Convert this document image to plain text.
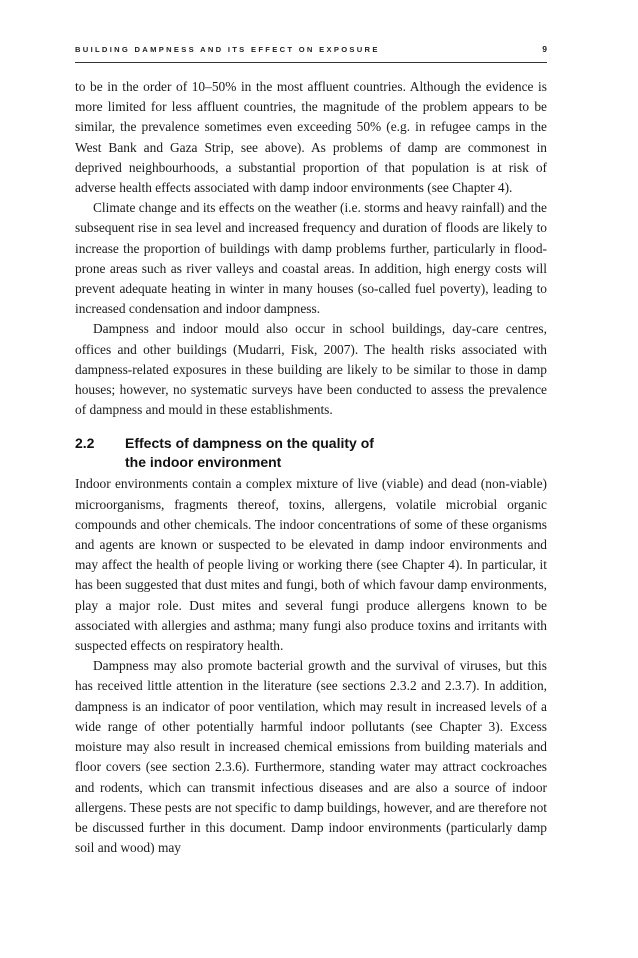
BUILDING DAMPNESS AND ITS EFFECT ON EXPOSURE	9

to be in the order of 10–50% in the most affluent countries. Although the evidence is more limited for less affluent countries, the magnitude of the problem appears to be similar, the prevalence sometimes even exceeding 50% (e.g. in refugee camps in the West Bank and Gaza Strip, see above). As problems of damp are commonest in deprived neighbourhoods, a substantial proportion of that population is at risk of adverse health effects associated with damp indoor environments (see Chapter 4).

Climate change and its effects on the weather (i.e. storms and heavy rainfall) and the subsequent rise in sea level and increased frequency and duration of floods are likely to increase the proportion of buildings with damp problems further, particularly in flood-prone areas such as river valleys and coastal areas. In addition, high energy costs will prevent adequate heating in winter in many houses (so-called fuel poverty), leading to increased condensation and indoor dampness.

Dampness and indoor mould also occur in school buildings, day-care centres, offices and other buildings (Mudarri, Fisk, 2007). The health risks associated with dampness-related exposures in these building are likely to be similar to those in damp houses; however, no systematic surveys have been conducted to assess the prevalence of dampness and mould in these establishments.

2.2	Effects of dampness on the quality of the indoor environment

Indoor environments contain a complex mixture of live (viable) and dead (non-viable) microorganisms, fragments thereof, toxins, allergens, volatile microbial organic compounds and other chemicals. The indoor concentrations of some of these organisms and agents are known or suspected to be elevated in damp indoor environments and may affect the health of people living or working there (see Chapter 4). In particular, it has been suggested that dust mites and fungi, both of which favour damp environments, play a major role. Dust mites and several fungi produce allergens known to be associated with allergies and asthma; many fungi also produce toxins and irritants with suspected effects on respiratory health.

Dampness may also promote bacterial growth and the survival of viruses, but this has received little attention in the literature (see sections 2.3.2 and 2.3.7). In addition, dampness is an indicator of poor ventilation, which may result in increased levels of a wide range of other potentially harmful indoor pollutants (see Chapter 3). Excess moisture may also result in increased chemical emissions from building materials and floor covers (see section 2.3.6). Furthermore, standing water may attract cockroaches and rodents, which can transmit infectious diseases and are also a source of indoor allergens. These pests are not specific to damp buildings, however, and are therefore not be discussed further in this document. Damp indoor environments (particularly damp soil and wood) may
